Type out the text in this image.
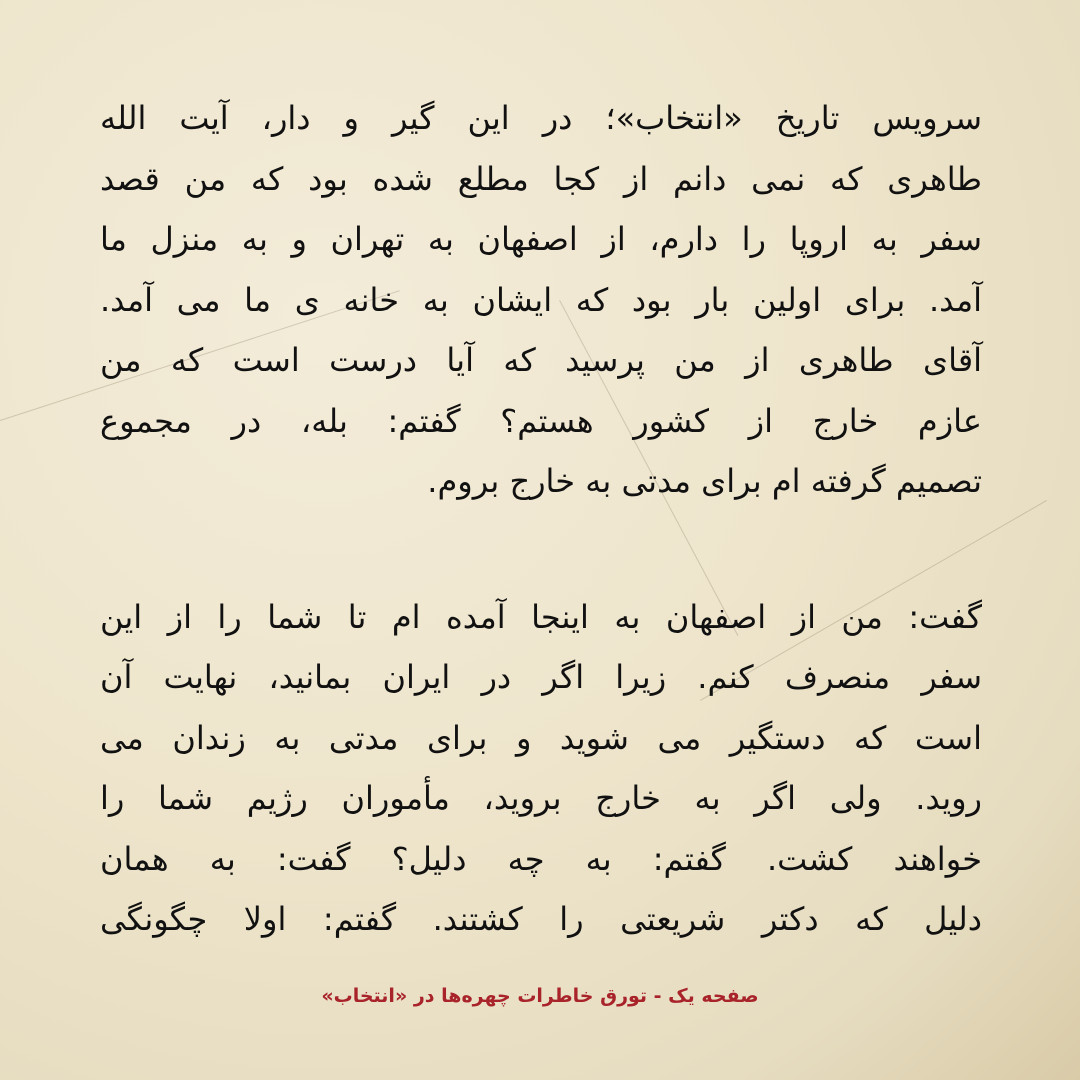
سرویس تاریخ «انتخاب»؛ در این گیر و دار، آیت الله
طاهری که نمی دانم از کجا مطلع شده بود که من قصد
سفر به اروپا را دارم، از اصفهان به تهران و به منزل ما
آمد. برای اولین بار بود که ایشان به خانه ی ما می آمد.
آقای طاهری از من پرسید که آیا درست است که من
عازم خارج از کشور هستم؟ گفتم: بله، در مجموع
تصمیم گرفته ام برای مدتی به خارج بروم.
گفت: من از اصفهان به اینجا آمده ام تا شما را از این
سفر منصرف کنم. زیرا اگر در ایران بمانید، نهایت آن
است که دستگیر می شوید و برای مدتی به زندان می
روید. ولی اگر به خارج بروید، مأموران رژیم شما را
خواهند کشت. گفتم: به چه دلیل؟ گفت: به همان
دلیل که دکتر شریعتی را کشتند. گفتم: اولا چگونگی
صفحه یک - تورق خاطرات چهره‌ها در «انتخاب»
